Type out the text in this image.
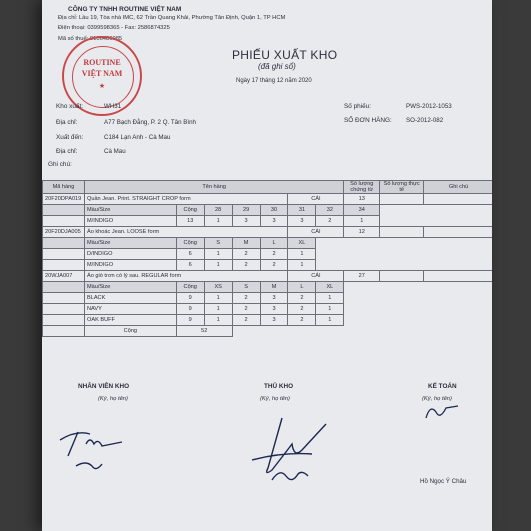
CÔNG TY TNHH ROUTINE VIỆT NAM
Địa chỉ: Lầu 19, Tòa nhà IMC, 62 Trần Quang Khải, Phường Tân Định, Quận 1, TP HCM
Điện thoại: 0399598365 - Fax: 2586874325
Mã số thuế: 0106486985
ROUTINE
VIỆT NAM
★
PHIẾU XUẤT KHO
(đã ghi sổ)
Ngày 17 tháng 12 năm 2020
Kho xuất:	WH31
Địa chỉ:	A77 Bạch Đằng, P. 2 Q. Tân Bình
Xuất đến:	C184 Lạn Anh - Cà Mau
Địa chỉ:	Cà Mau
Ghi chú:
Số phiếu:	PWS-2012-1053
SỐ ĐƠN HÀNG: SO-2012-082
Mã hàng	Tên hàng							Số lượng chứng từ	Số lượng thực tế	Ghi chú
20F20DPA019	Quần Jean. Print. STRAIGHT CROP form					CÁI		13		
	Màu/Size	Cộng	28	29	30	31	32	34		
	M/INDIGO	13	1	3	3	3	2	1		
20F20DJA005	Áo khoác Jean. LOOSE form					CÁI		12		
	Màu/Size	Cộng	S	M	L	XL				
	D/INDIGO	6	1	2	2	1				
	M/INDIGO	6	1	2	2	1				
20WJA007	Áo gió trơn có lý sau. REGULAR form					CÁI		27		
	Màu/Size	Cộng	XS	S	M	L	XL			
	BLACK	9	1	2	3	2	1			
	NAVY	9	1	2	3	2	1			
	OAK BUFF	9	1	2	3	2	1			
	Cộng	52								
NHÂN VIÊN KHO
(Ký, họ tên)
THỦ KHO
(Ký, họ tên)
KẾ TOÁN
(Ký, họ tên)
Hồ Ngọc Ý Châu
